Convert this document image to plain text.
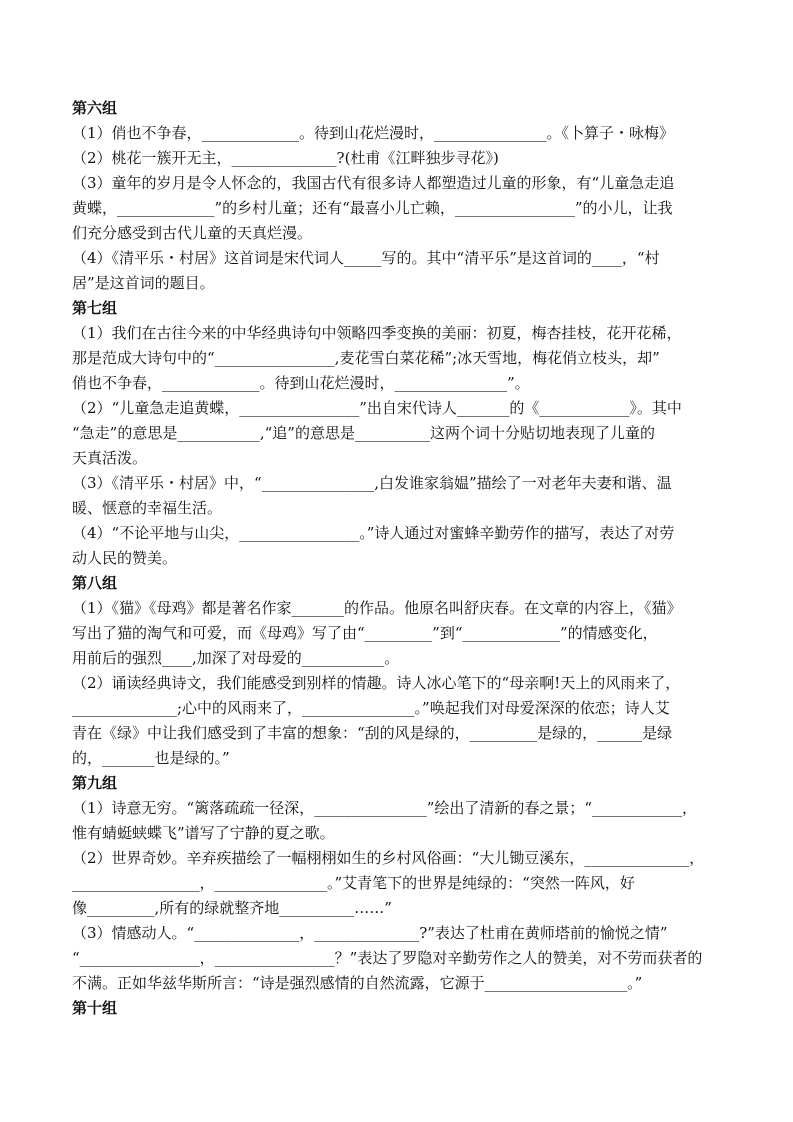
第六组
（1）俏也不争春，_____________。待到山花烂漫时，_______________。《卜算子・咏梅》
（2）桃花一簇开无主，______________?(杜甫《江畔独步寻花》)
（3）童年的岁月是令人怀念的，我国古代有很多诗人都塑造过儿童的形象，有“儿童急走追
黄蝶，_____________”的乡村儿童；还有“最喜小儿亡赖，________________”的小儿，让我
们充分感受到古代儿童的天真烂漫。
（4）《清平乐・村居》这首词是宋代词人_____写的。其中“清平乐”是这首词的____，“村
居”是这首词的题目。
第七组
（1）我们在古往今来的中华经典诗句中领略四季变换的美丽：初夏，梅杏挂枝，花开花稀，
那是范成大诗句中的“________________,麦花雪白菜花稀”;冰天雪地，梅花俏立枝头，却”
俏也不争春，_____________。待到山花烂漫时，_______________”。
（2）“儿童急走追黄蝶，________________”出自宋代诗人_______的《____________》。其中
“急走”的意思是___________,“追”的意思是__________这两个词十分贴切地表现了儿童的
天真活泼。
（3）《清平乐・村居》中，“_______________,白发谁家翁媪”描绘了一对老年夫妻和谐、温
暖、惬意的幸福生活。
（4）“不论平地与山尖，________________。”诗人通过对蜜蜂辛勤劳作的描写，表达了对劳
动人民的赞美。
第八组
（1）《猫》《母鸡》都是著名作家_______的作品。他原名叫舒庆春。在文章的内容上，《猫》
写出了猫的淘气和可爱，而《母鸡》写了由“_________”到“_____________”的情感变化，
用前后的强烈____,加深了对母爱的___________。
（2）诵读经典诗文，我们能感受到别样的情趣。诗人冰心笔下的“母亲啊!天上的风雨来了，
______________;心中的风雨来了，_______________。”唤起我们对母爱深深的依恋；诗人艾
青在《绿》中让我们感受到了丰富的想象：“刮的风是绿的，_________是绿的，______是绿
的，_______也是绿的。”
第九组
（1）诗意无穷。“篱落疏疏一径深，_______________”绘出了清新的春之景；“____________，
惟有蜻蜓蛱蝶飞”谱写了宁静的夏之歌。
（2）世界奇妙。辛弃疾描绘了一幅栩栩如生的乡村风俗画：“大儿锄豆溪东，______________，
_________________，_______________。”艾青笔下的世界是纯绿的：“突然一阵风，好
像_________,所有的绿就整齐地__________……”
（3）情感动人。“______________，______________?”表达了杜甫在黄师塔前的愉悦之情”
“________________，________________？”表达了罗隐对辛勤劳作之人的赞美，对不劳而获者的
不满。正如华兹华斯所言：“诗是强烈感情的自然流露，它源于___________________。”
第十组
